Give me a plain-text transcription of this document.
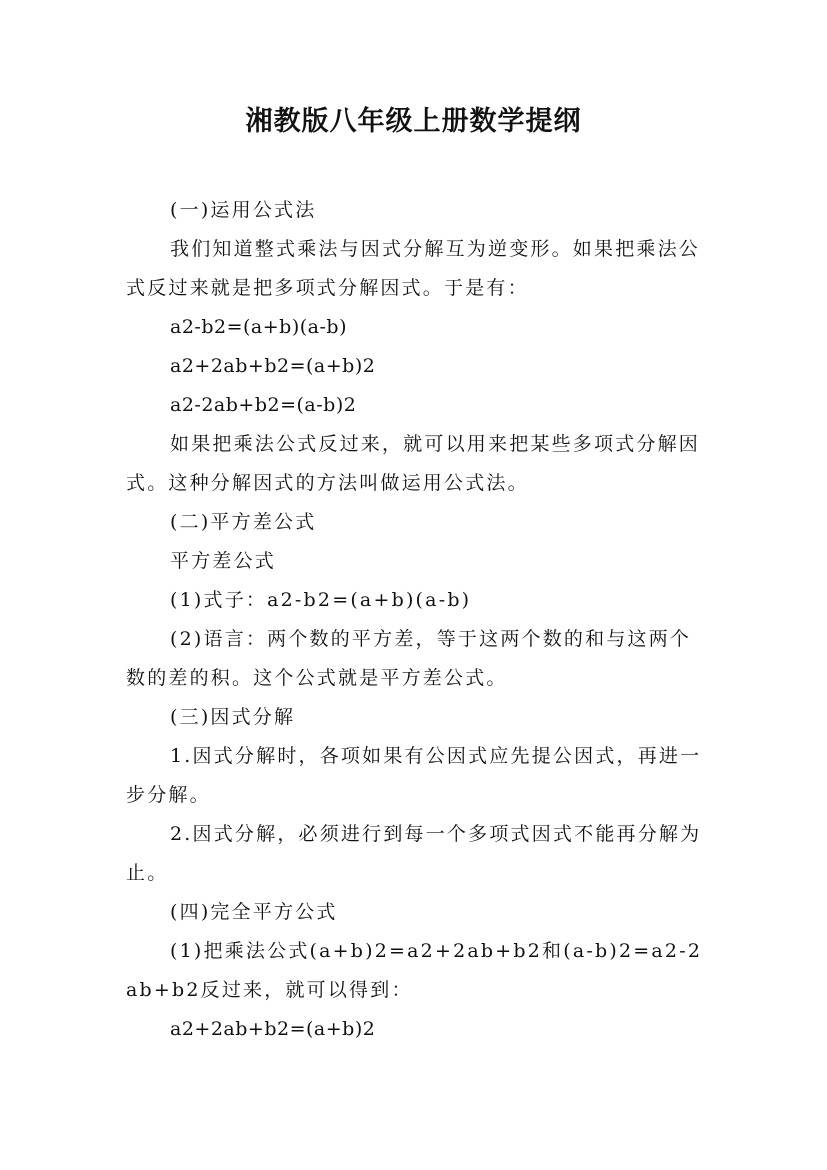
湘教版八年级上册数学提纲

(一)运用公式法

我们知道整式乘法与因式分解互为逆变形。如果把乘法公式反过来就是把多项式分解因式。于是有：

a2-b2=(a+b)(a-b)

a2+2ab+b2=(a+b)2

a2-2ab+b2=(a-b)2

如果把乘法公式反过来，就可以用来把某些多项式分解因式。这种分解因式的方法叫做运用公式法。

(二)平方差公式

平方差公式

(1)式子：a2-b2=(a+b)(a-b)

(2)语言：两个数的平方差，等于这两个数的和与这两个数的差的积。这个公式就是平方差公式。

(三)因式分解

1.因式分解时，各项如果有公因式应先提公因式，再进一步分解。

2.因式分解，必须进行到每一个多项式因式不能再分解为止。

(四)完全平方公式

(1)把乘法公式(a+b)2=a2+2ab+b2和(a-b)2=a2-2ab+b2反过来，就可以得到：

a2+2ab+b2=(a+b)2
